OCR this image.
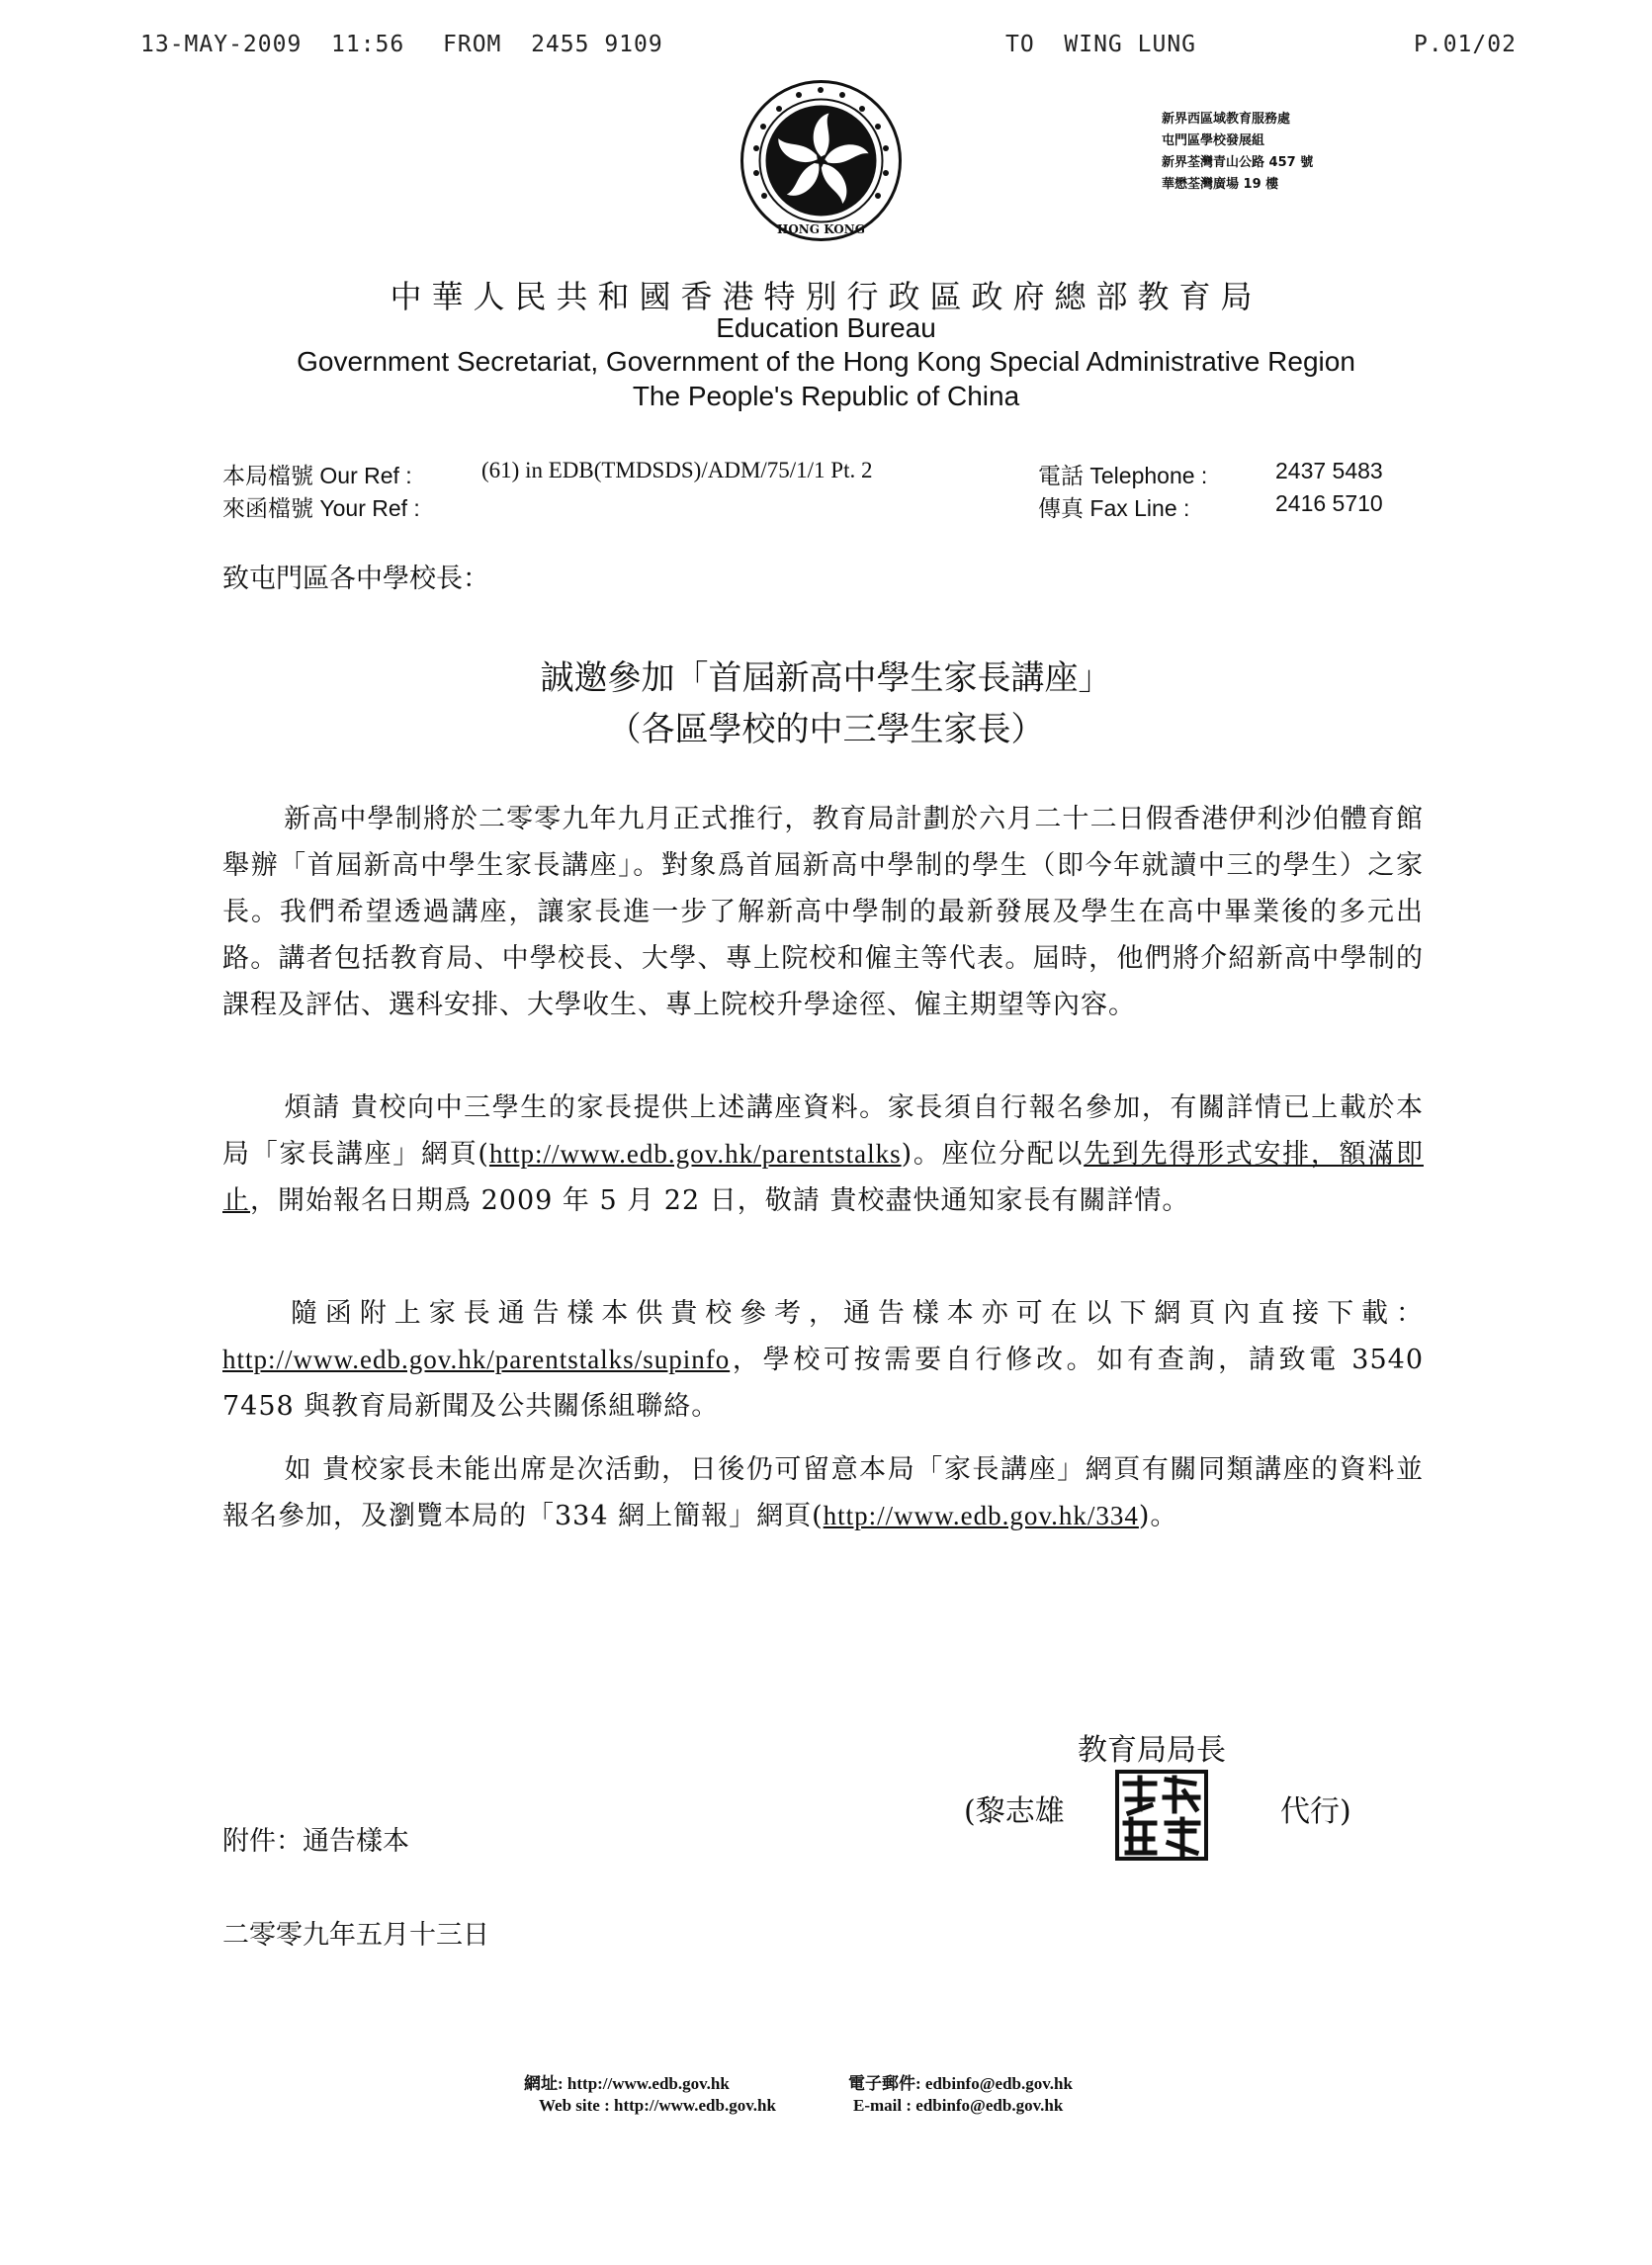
13-MAY-2009  11:56 FROM  2455 9109	TO  WING LUNG	P.01/02
HONG KONG
新界西區域教育服務處
屯門區學校發展組
新界荃灣青山公路 457 號
華懋荃灣廣場 19 樓
中華人民共和國香港特別行政區政府總部教育局
Education Bureau
Government Secretariat, Government of the Hong Kong Special Administrative Region
The People's Republic of China
本局檔號 Our Ref :	(61) in EDB(TMDSDS)/ADM/75/1/1 Pt. 2
來函檔號 Your Ref :
電話 Telephone :	2437 5483
傳真 Fax Line :	2416 5710
致屯門區各中學校長：
誠邀參加「首屆新高中學生家長講座」
（各區學校的中三學生家長）
新高中學制將於二零零九年九月正式推行，教育局計劃於六月二十二日假香港伊利沙伯體育館舉辦「首屆新高中學生家長講座」。對象爲首屆新高中學制的學生（即今年就讀中三的學生）之家長。我們希望透過講座，讓家長進一步了解新高中學制的最新發展及學生在高中畢業後的多元出路。講者包括教育局、中學校長、大學、專上院校和僱主等代表。屆時，他們將介紹新高中學制的課程及評估、選科安排、大學收生、專上院校升學途徑、僱主期望等內容。
煩請 貴校向中三學生的家長提供上述講座資料。家長須自行報名參加，有關詳情已上載於本局「家長講座」網頁(http://www.edb.gov.hk/parentstalks)。座位分配以先到先得形式安排，額滿即止，開始報名日期爲 2009 年 5 月 22 日，敬請 貴校盡快通知家長有關詳情。
隨函附上家長通告樣本供貴校參考，通告樣本亦可在以下網頁內直接下載：http://www.edb.gov.hk/parentstalks/supinfo，學校可按需要自行修改。如有查詢，請致電 3540 7458 與教育局新聞及公共關係組聯絡。
如 貴校家長未能出席是次活動，日後仍可留意本局「家長講座」網頁有關同類講座的資料並報名參加，及瀏覽本局的「334 網上簡報」網頁(http://www.edb.gov.hk/334)。
教育局局長
(黎志雄	代行)
附件：通告樣本
二零零九年五月十三日
網址: http://www.edb.gov.hk
Web site : http://www.edb.gov.hk
電子郵件: edbinfo@edb.gov.hk
E-mail : edbinfo@edb.gov.hk
